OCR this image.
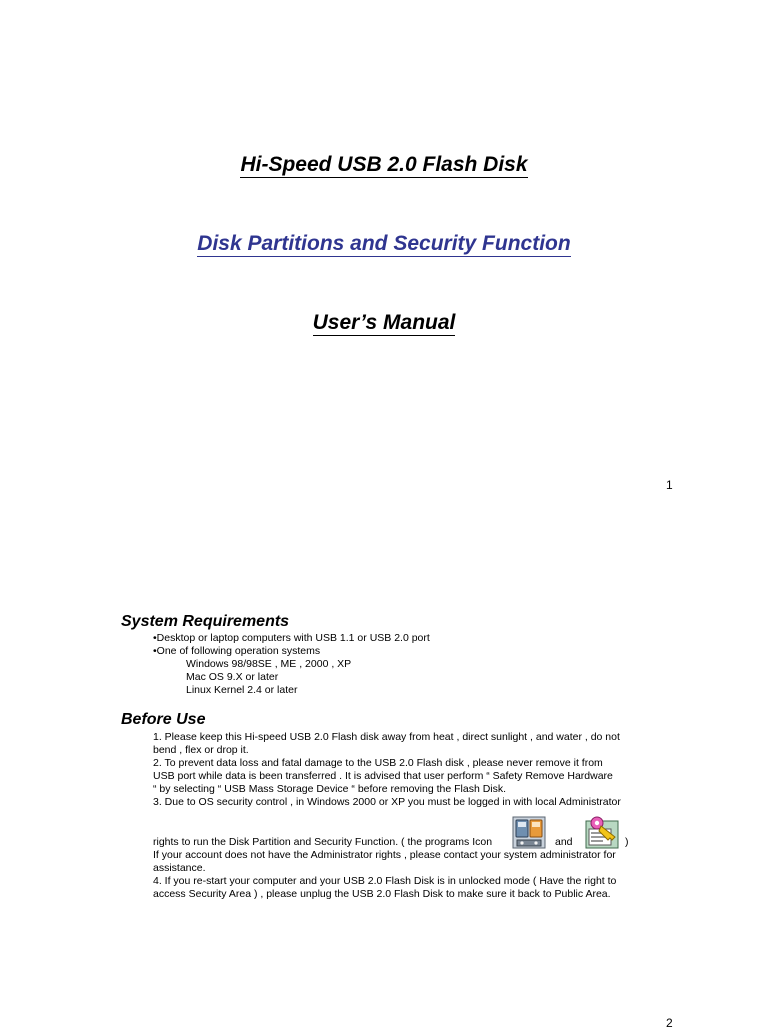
Hi-Speed USB 2.0 Flash Disk
Disk Partitions and Security Function
User’s Manual
1
System Requirements
•Desktop or laptop computers with USB 1.1 or USB 2.0 port
•One of following operation systems
Windows 98/98SE , ME , 2000 , XP
Mac OS 9.X or later
Linux Kernel 2.4 or later
Before Use
1. Please keep this Hi-speed USB 2.0 Flash disk away from heat , direct sunlight , and water , do not
bend , flex or drop it.
2. To prevent data loss and fatal damage to the USB 2.0 Flash disk , please never remove it from
USB port while data is been transferred . It is advised that user perform “ Safety Remove Hardware
“ by selecting “ USB Mass Storage Device “ before removing the Flash Disk.
3. Due to OS security control , in Windows 2000 or XP you must be logged in with local Administrator
rights to run the Disk Partition and Security Function. ( the programs Icon	and	)
If your account does not have the Administrator rights , please contact your system administrator for
assistance.
4. If you re-start your computer and your USB 2.0 Flash Disk is in unlocked mode ( Have the right to
access Security Area ) , please unplug the USB 2.0 Flash Disk to make sure it back to Public Area.
2
